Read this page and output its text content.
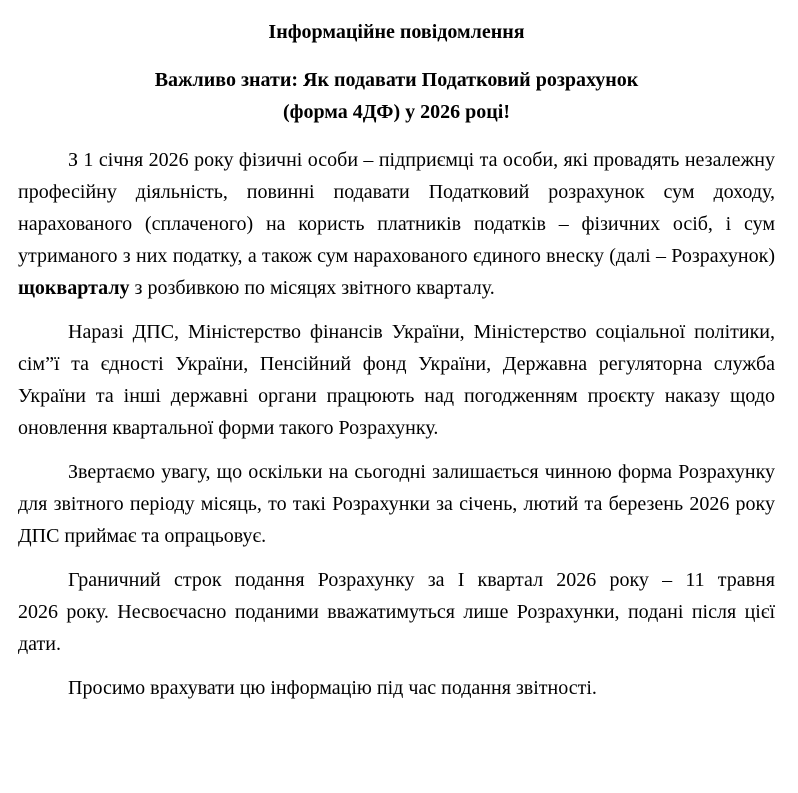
Інформаційне повідомлення
Важливо знати: Як подавати Податковий розрахунок
(форма 4ДФ) у 2026 році!

З 1 січня 2026 року фізичні особи – підприємці та особи, які провадять незалежну професійну діяльність, повинні подавати Податковий розрахунок сум доходу, нарахованого (сплаченого) на користь платників податків – фізичних осіб, і сум утриманого з них податку, а також сум нарахованого єдиного внеску (далі – Розрахунок) щокварталу з розбивкою по місяцях звітного кварталу.

Наразі ДПС, Міністерство фінансів України, Міністерство соціальної політики, сім”ї та єдності України, Пенсійний фонд України, Державна регуляторна служба України та інші державні органи працюють над погодженням проєкту наказу щодо оновлення квартальної форми такого Розрахунку.

Звертаємо увагу, що оскільки на сьогодні залишається чинною форма Розрахунку для звітного періоду місяць, то такі Розрахунки за січень, лютий та березень 2026 року ДПС приймає та опрацьовує.

Граничний строк подання Розрахунку за І квартал 2026 року – 11 травня 2026 року. Несвоєчасно поданими вважатимуться лише Розрахунки, подані після цієї дати.

Просимо врахувати цю інформацію під час подання звітності.
